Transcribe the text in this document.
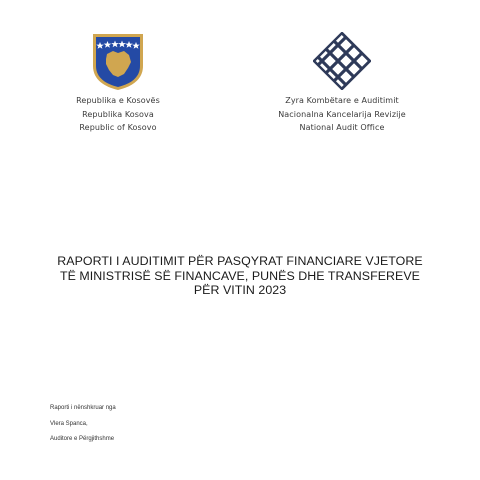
Republika e Kosovës
Republika Kosova
Republic of Kosovo
Zyra Kombëtare e Auditimit
Nacionalna Kancelarija Revizije
National Audit Office
RAPORTI I AUDITIMIT PËR PASQYRAT FINANCIARE VJETORE
TË MINISTRISË SË FINANCAVE, PUNËS DHE TRANSFEREVE
PËR VITIN 2023
Raporti i nënshkruar nga
Vlera Spanca,
Auditore e Përgjithshme
